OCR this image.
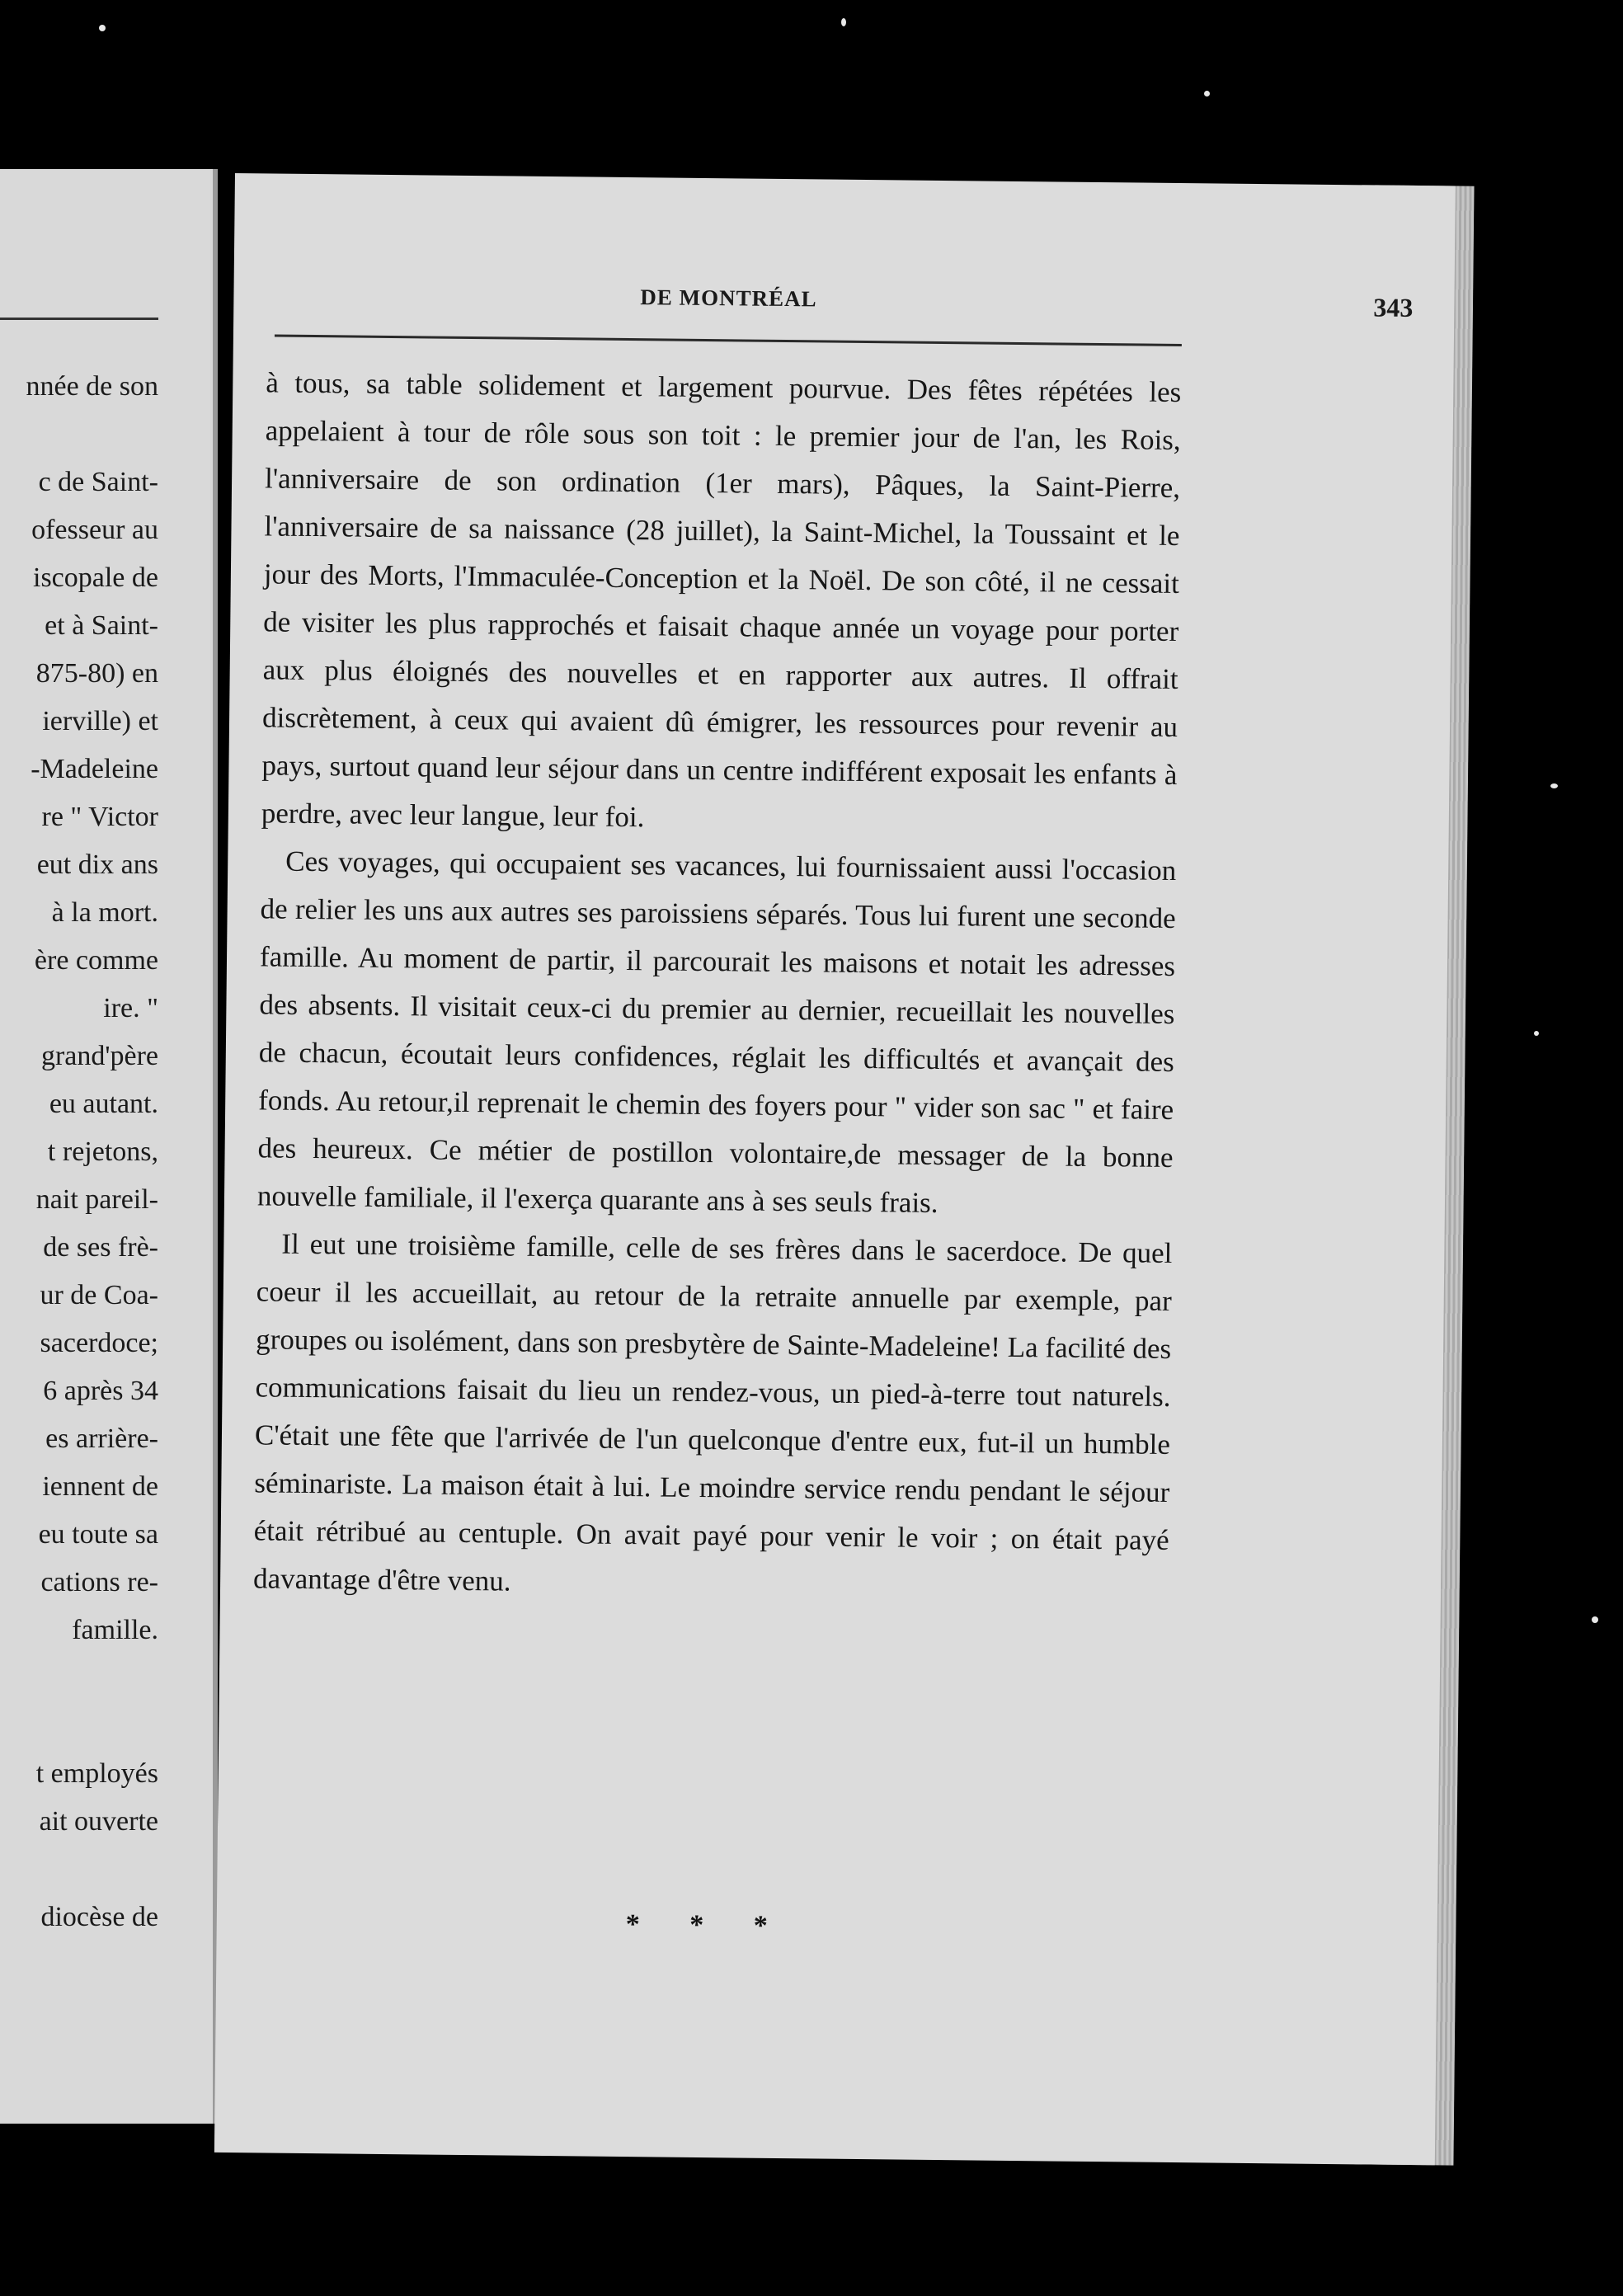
nnée de son
c de Saint-
ofesseur au
iscopale de
et à Saint-
875-80) en
ierville) et
-Madeleine
re " Victor
eut dix ans
à la mort.
ère comme
ire. "
grand'père
eu autant.
t rejetons,
nait pareil-
de ses frè-
ur de Coa-
sacerdoce;
6 après 34
es arrière-
iennent de
eu toute sa
cations re-
famille.
t employés
ait ouverte
diocèse de
DE MONTRÉAL	343

à tous, sa table solidement et largement pourvue. Des fêtes répétées les appelaient à tour de rôle sous son toit : le premier jour de l'an, les Rois, l'anniversaire de son ordination (1er mars), Pâques, la Saint-Pierre, l'anniversaire de sa naissance (28 juillet), la Saint-Michel, la Toussaint et le jour des Morts, l'Immaculée-Conception et la Noël. De son côté, il ne cessait de visiter les plus rapprochés et faisait chaque année un voyage pour porter aux plus éloignés des nouvelles et en rapporter aux autres. Il offrait discrètement, à ceux qui avaient dû émigrer, les ressources pour revenir au pays, surtout quand leur séjour dans un centre indifférent exposait les enfants à perdre, avec leur langue, leur foi.

Ces voyages, qui occupaient ses vacances, lui fournissaient aussi l'occasion de relier les uns aux autres ses paroissiens séparés. Tous lui furent une seconde famille. Au moment de partir, il parcourait les maisons et notait les adresses des absents. Il visitait ceux-ci du premier au dernier, recueillait les nouvelles de chacun, écoutait leurs confidences, réglait les difficultés et avançait des fonds. Au retour,il reprenait le chemin des foyers pour " vider son sac " et faire des heureux. Ce métier de postillon volontaire,de messager de la bonne nouvelle familiale, il l'exerça quarante ans à ses seuls frais.

Il eut une troisième famille, celle de ses frères dans le sacerdoce. De quel coeur il les accueillait, au retour de la retraite annuelle par exemple, par groupes ou isolément, dans son presbytère de Sainte-Madeleine! La facilité des communications faisait du lieu un rendez-vous, un pied-à-terre tout naturels. C'était une fête que l'arrivée de l'un quelconque d'entre eux, fut-il un humble séminariste. La maison était à lui. Le moindre service rendu pendant le séjour était rétribué au centuple. On avait payé pour venir le voir ; on était payé davantage d'être venu.

* * *
